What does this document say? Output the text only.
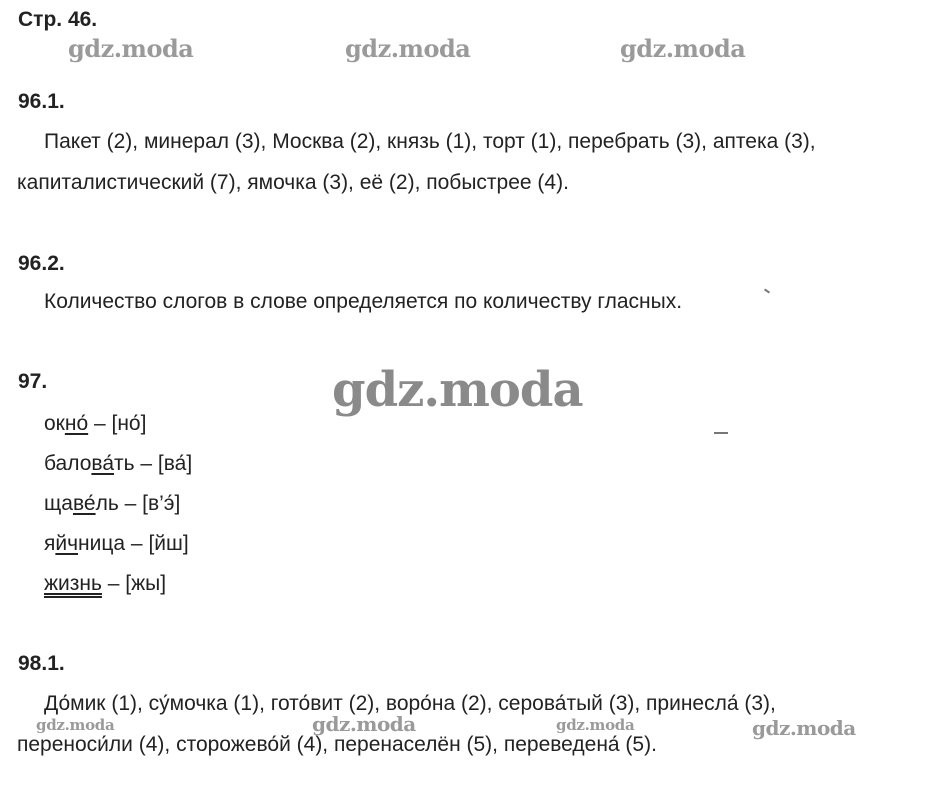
Стр. 46.
gdz.moda	gdz.moda	gdz.moda
96.1.
Пакет (2), минерал (3), Москва (2), князь (1), торт (1), перебрать (3), аптека (3),
капиталистический (7), ямочка (3), её (2), побыстрее (4).
96.2.
Количество слогов в слове определяется по количеству гласных.
97.	gdz.moda
окно́ – [но́]
балова́ть – [ва́]
щаве́ль – [в’э́]
яйчница – [йш]
жизнь – [жы]
98.1.
До́мик (1), су́мочка (1), гото́вит (2), воро́на (2), серова́тый (3), принесла́ (3),
gdz.moda	gdz.moda	gdz.moda	gdz.moda
переноси́ли (4), сторожево́й (4), перенаселён (5), переведена́ (5).
